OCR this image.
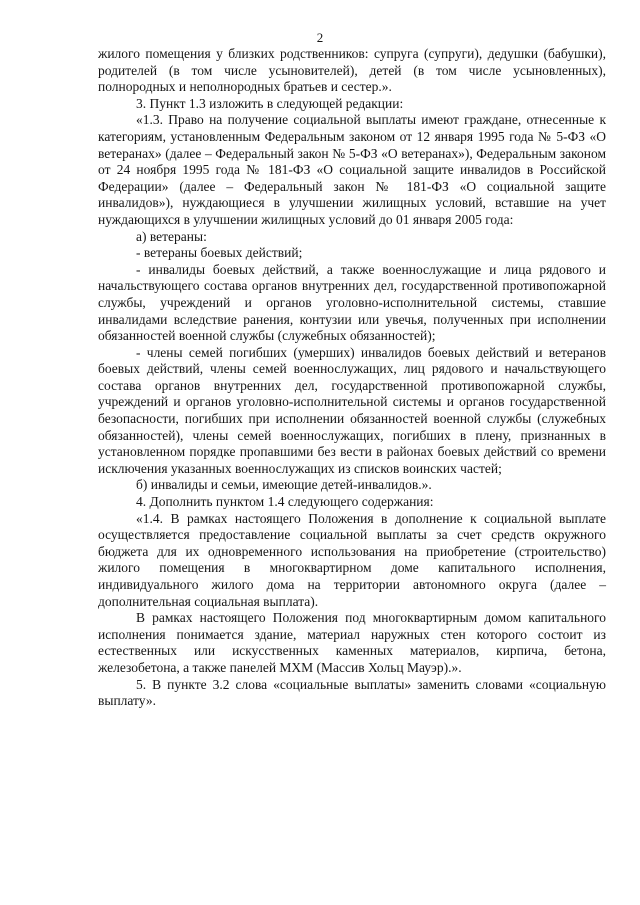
2

жилого помещения у близких родственников: супруга (супруги), дедушки (бабушки), родителей (в том числе усыновителей), детей (в том числе усыновленных), полнородных и неполнородных братьев и сестер.».

3. Пункт 1.3 изложить в следующей редакции:

«1.3. Право на получение социальной выплаты имеют граждане, отнесенные к категориям, установленным Федеральным законом от 12 января 1995 года № 5-ФЗ «О ветеранах» (далее – Федеральный закон № 5-ФЗ «О ветеранах»), Федеральным законом от 24 ноября 1995 года № 181-ФЗ «О социальной защите инвалидов в Российской Федерации» (далее – Федеральный закон № 181-ФЗ «О социальной защите инвалидов»), нуждающиеся в улучшении жилищных условий, вставшие на учет нуждающихся в улучшении жилищных условий до 01 января 2005 года:

а) ветераны:

- ветераны боевых действий;

- инвалиды боевых действий, а также военнослужащие и лица рядового и начальствующего состава органов внутренних дел, государственной противопожарной службы, учреждений и органов уголовно-исполнительной системы, ставшие инвалидами вследствие ранения, контузии или увечья, полученных при исполнении обязанностей военной службы (служебных обязанностей);

- члены семей погибших (умерших) инвалидов боевых действий и ветеранов боевых действий, члены семей военнослужащих, лиц рядового и начальствующего состава органов внутренних дел, государственной противопожарной службы, учреждений и органов уголовно-исполнительной системы и органов государственной безопасности, погибших при исполнении обязанностей военной службы (служебных обязанностей), члены семей военнослужащих, погибших в плену, признанных в установленном порядке пропавшими без вести в районах боевых действий со времени исключения указанных военнослужащих из списков воинских частей;

б) инвалиды и семьи, имеющие детей-инвалидов.».

4. Дополнить пунктом 1.4 следующего содержания:

«1.4. В рамках настоящего Положения в дополнение к социальной выплате осуществляется предоставление социальной выплаты за счет средств окружного бюджета для их одновременного использования на приобретение (строительство) жилого помещения в многоквартирном доме капитального исполнения, индивидуального жилого дома на территории автономного округа (далее – дополнительная социальная выплата).

В рамках настоящего Положения под многоквартирным домом капитального исполнения понимается здание, материал наружных стен которого состоит из естественных или искусственных каменных материалов, кирпича, бетона, железобетона, а также панелей МХМ (Массив Хольц Мауэр).».

5. В пункте 3.2 слова «социальные выплаты» заменить словами «социальную выплату».
